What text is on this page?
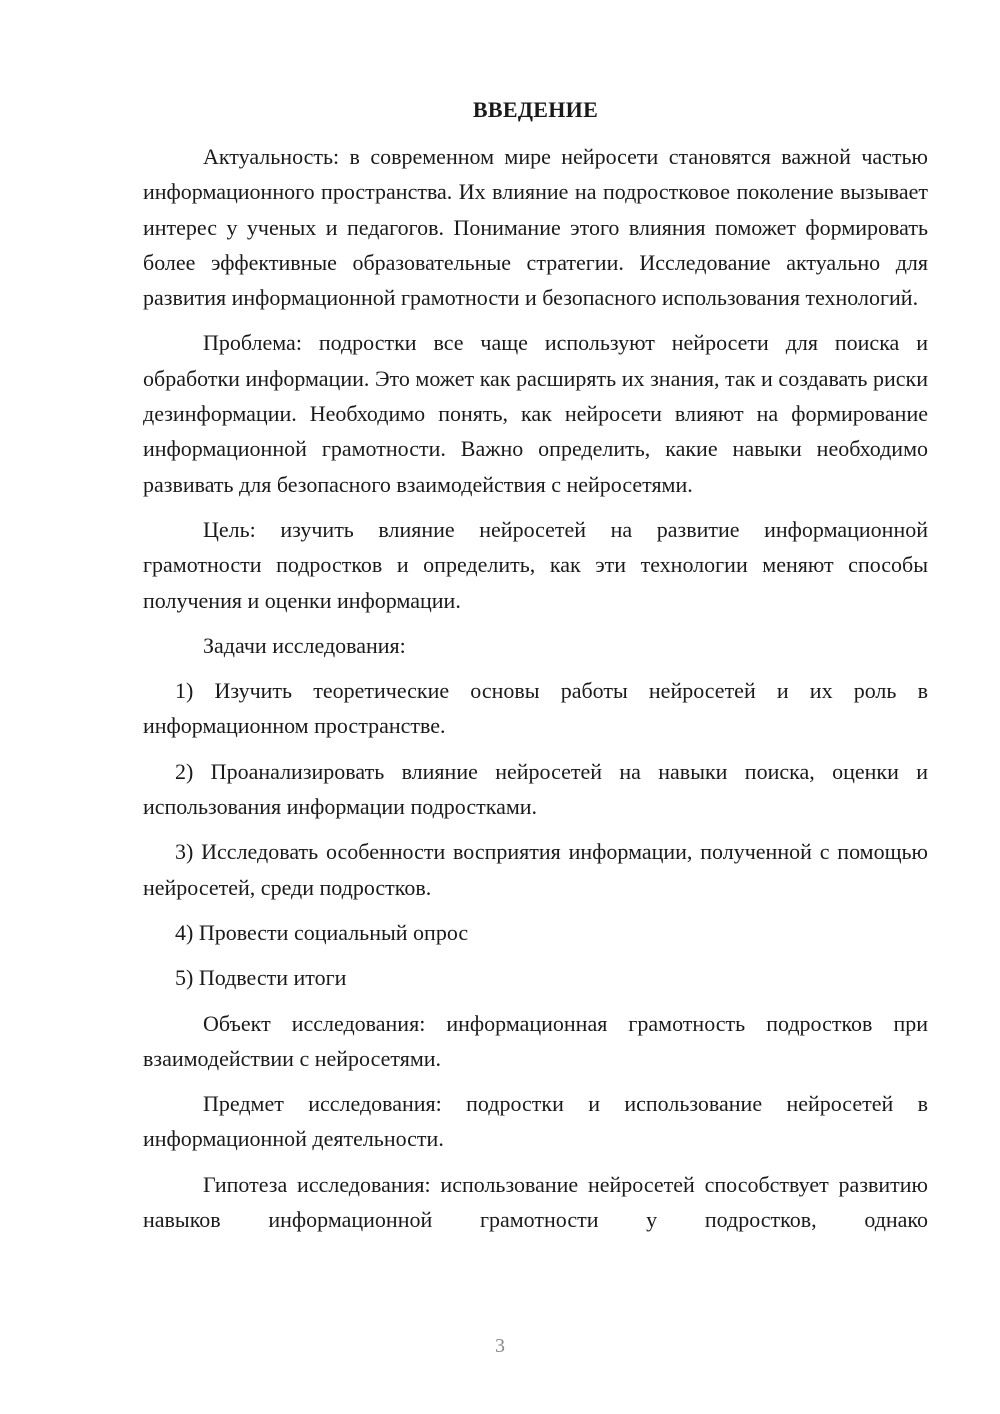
ВВЕДЕНИЕ

Актуальность: в современном мире нейросети становятся важной частью информационного пространства. Их влияние на подростковое поколение вызывает интерес у ученых и педагогов. Понимание этого влияния поможет формировать более эффективные образовательные стратегии. Исследование актуально для развития информационной грамотности и безопасного использования технологий.

Проблема: подростки все чаще используют нейросети для поиска и обработки информации. Это может как расширять их знания, так и создавать риски дезинформации. Необходимо понять, как нейросети влияют на формирование информационной грамотности. Важно определить, какие навыки необходимо развивать для безопасного взаимодействия с нейросетями.

Цель: изучить влияние нейросетей на развитие информационной грамотности подростков и определить, как эти технологии меняют способы получения и оценки информации.

Задачи исследования:

1) Изучить теоретические основы работы нейросетей и их роль в информационном пространстве.

2) Проанализировать влияние нейросетей на навыки поиска, оценки и использования информации подростками.

3) Исследовать особенности восприятия информации, полученной с помощью нейросетей, среди подростков.

4) Провести социальный опрос

5) Подвести итоги

Объект исследования: информационная грамотность подростков при взаимодействии с нейросетями.

Предмет исследования: подростки и использование нейросетей в информационной деятельности.

Гипотеза исследования: использование нейросетей способствует развитию навыков информационной грамотности у подростков, однако

3
